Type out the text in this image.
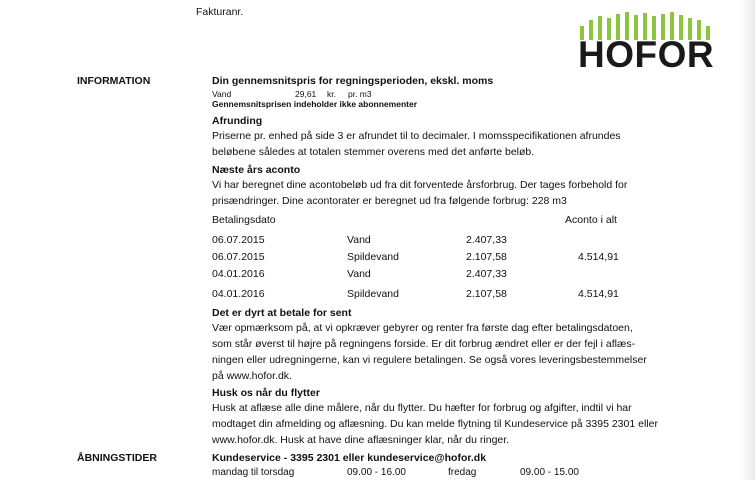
Fakturanr.
HOFOR
INFORMATION	Din gennemsnitspris for regningsperioden, ekskl. moms
Vand	29,61 kr. pr. m3
Gennemsnitsprisen indeholder ikke abonnementer
Afrunding
Priserne pr. enhed på side 3 er afrundet til to decimaler. I momsspecifikationen afrundes
beløbene således at totalen stemmer overens med det anførte beløb.
Næste års aconto
Vi har beregnet dine acontobeløb ud fra dit forventede årsforbrug. Der tages forbehold for
prisændringer. Dine acontorater er beregnet ud fra følgende forbrug: 228 m3
Betalingsdato	Aconto i alt
06.07.2015	Vand	2.407,33
06.07.2015	Spildevand	2.107,58	4.514,91
04.01.2016	Vand	2.407,33
04.01.2016	Spildevand	2.107,58	4.514,91
Det er dyrt at betale for sent
Vær opmærksom på, at vi opkræver gebyrer og renter fra første dag efter betalingsdatoen,
som står øverst til højre på regningens forside. Er dit forbrug ændret eller er der fejl i aflæs-
ningen eller udregningerne, kan vi regulere betalingen. Se også vores leveringsbestemmelser
på www.hofor.dk.
Husk os når du flytter
Husk at aflæse alle dine målere, når du flytter. Du hæfter for forbrug og afgifter, indtil vi har
modtaget din afmelding og aflæsning. Du kan melde flytning til Kundeservice på 3395 2301 eller
www.hofor.dk. Husk at have dine aflæsninger klar, når du ringer.
ÅBNINGSTIDER	Kundeservice - 3395 2301 eller kundeservice@hofor.dk
mandag til torsdag	09.00 - 16.00	fredag	09.00 - 15.00
